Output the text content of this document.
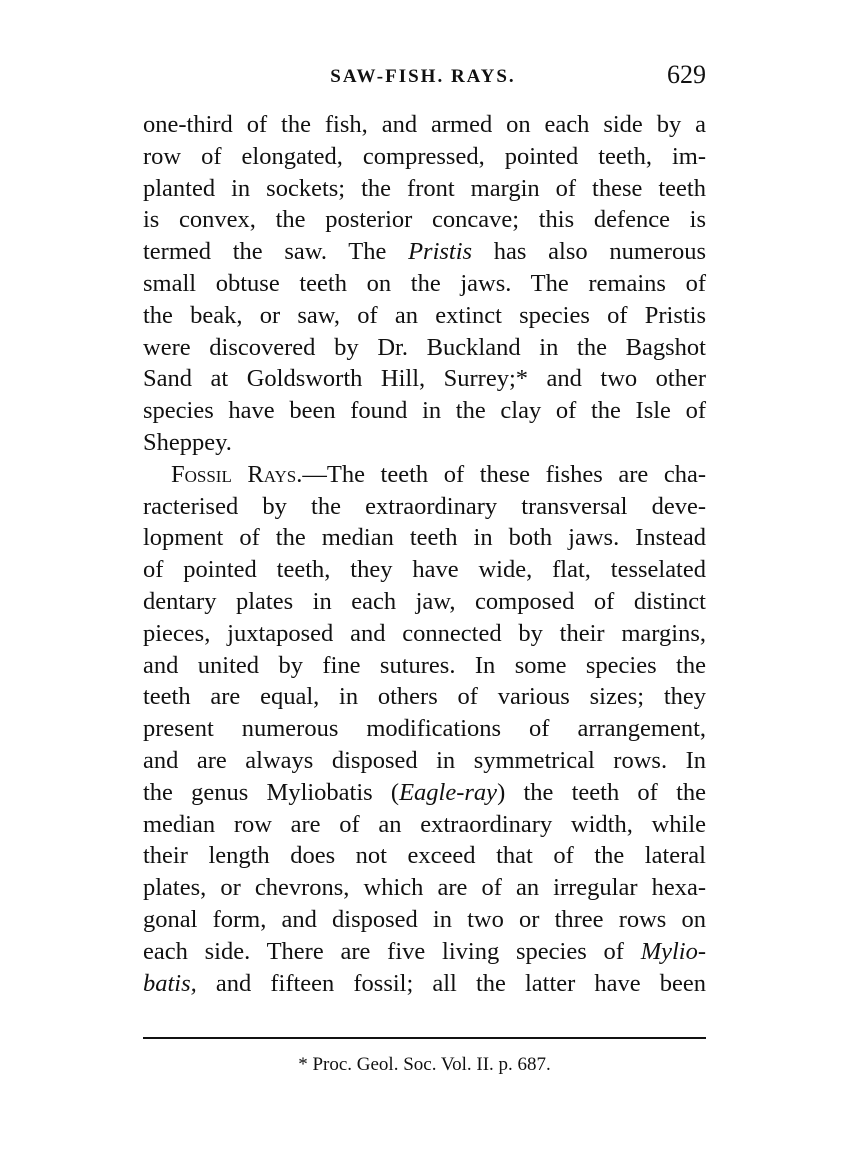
SAW-FISH. RAYS.	629
one-third of the fish, and armed on each side by a
row of elongated, compressed, pointed teeth, im-
planted in sockets; the front margin of these teeth
is convex, the posterior concave; this defence is
termed the saw. The Pristis has also numerous
small obtuse teeth on the jaws. The remains of
the beak, or saw, of an extinct species of Pristis
were discovered by Dr. Buckland in the Bagshot
Sand at Goldsworth Hill, Surrey;* and two other
species have been found in the clay of the Isle of
Sheppey.
Fossil Rays.—The teeth of these fishes are cha-
racterised by the extraordinary transversal deve-
lopment of the median teeth in both jaws. Instead
of pointed teeth, they have wide, flat, tesselated
dentary plates in each jaw, composed of distinct
pieces, juxtaposed and connected by their margins,
and united by fine sutures. In some species the
teeth are equal, in others of various sizes; they
present numerous modifications of arrangement,
and are always disposed in symmetrical rows. In
the genus Myliobatis (Eagle-ray) the teeth of the
median row are of an extraordinary width, while
their length does not exceed that of the lateral
plates, or chevrons, which are of an irregular hexa-
gonal form, and disposed in two or three rows on
each side. There are five living species of Mylio-
batis, and fifteen fossil; all the latter have been
* Proc. Geol. Soc. Vol. II. p. 687.
